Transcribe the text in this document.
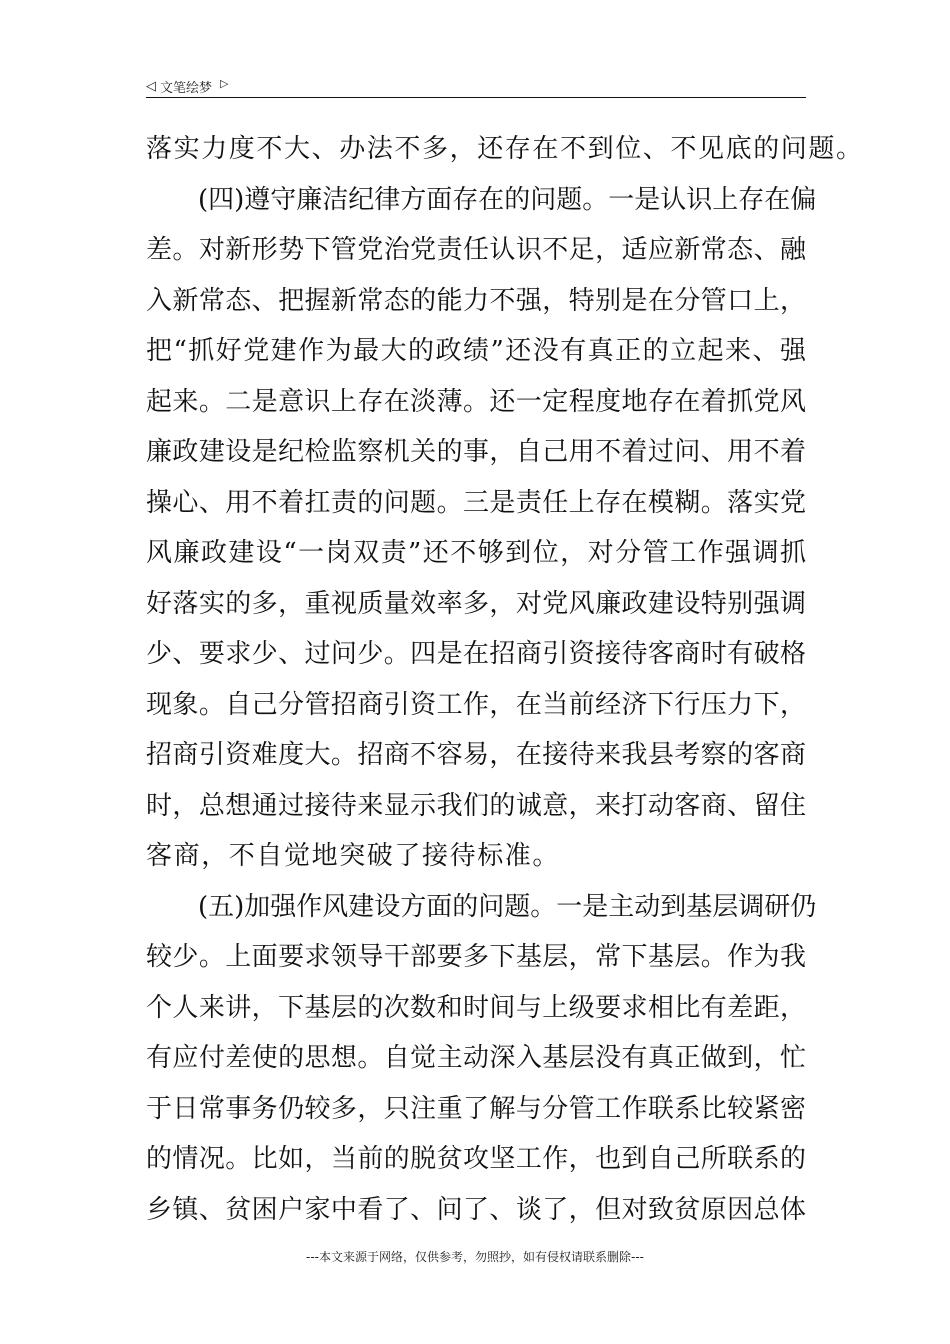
◁ 文笔绘梦 ▷
落实力度不大、办法不多，还存在不到位、不见底的问题。
(四)遵守廉洁纪律方面存在的问题。一是认识上存在偏
差。对新形势下管党治党责任认识不足，适应新常态、融
入新常态、把握新常态的能力不强，特别是在分管口上，
把“抓好党建作为最大的政绩”还没有真正的立起来、强
起来。二是意识上存在淡薄。还一定程度地存在着抓党风
廉政建设是纪检监察机关的事，自己用不着过问、用不着
操心、用不着扛责的问题。三是责任上存在模糊。落实党
风廉政建设“一岗双责”还不够到位，对分管工作强调抓
好落实的多，重视质量效率多，对党风廉政建设特别强调
少、要求少、过问少。四是在招商引资接待客商时有破格
现象。自己分管招商引资工作，在当前经济下行压力下，
招商引资难度大。招商不容易，在接待来我县考察的客商
时，总想通过接待来显示我们的诚意，来打动客商、留住
客商，不自觉地突破了接待标准。
(五)加强作风建设方面的问题。一是主动到基层调研仍
较少。上面要求领导干部要多下基层，常下基层。作为我
个人来讲，下基层的次数和时间与上级要求相比有差距，
有应付差使的思想。自觉主动深入基层没有真正做到，忙
于日常事务仍较多，只注重了解与分管工作联系比较紧密
的情况。比如，当前的脱贫攻坚工作，也到自己所联系的
乡镇、贫困户家中看了、问了、谈了，但对致贫原因总体
---本文来源于网络，仅供参考，勿照抄，如有侵权请联系删除---
